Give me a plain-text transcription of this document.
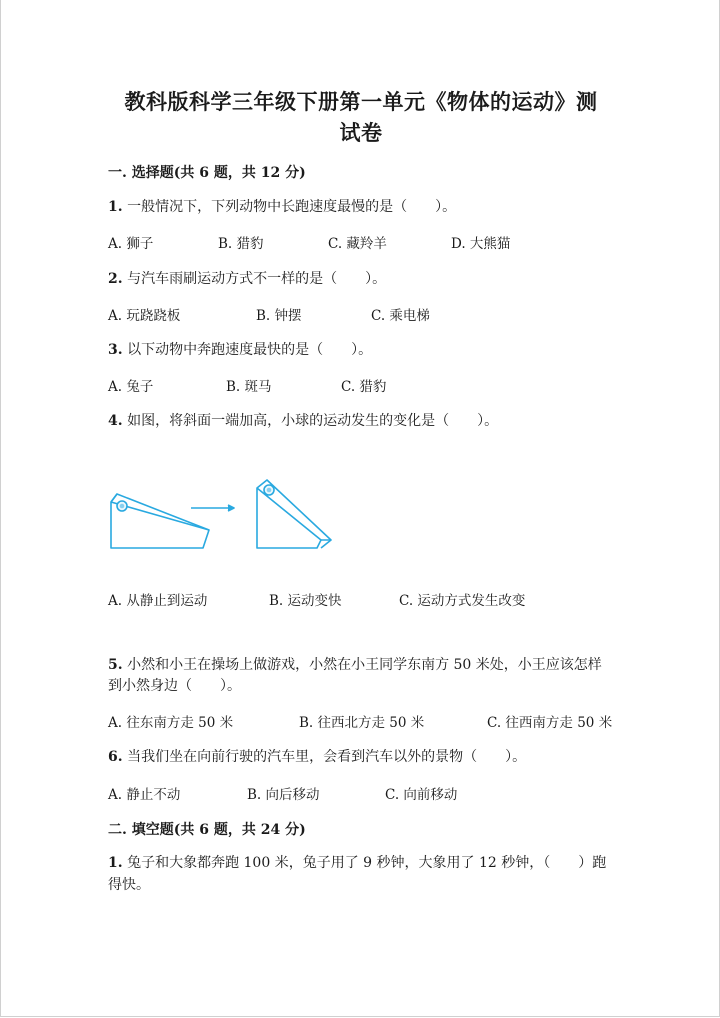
教科版科学三年级下册第一单元《物体的运动》测
试卷
一. 选择题(共 6 题，共 12 分)
1. 一般情况下，下列动物中长跑速度最慢的是（　　）。
A. 狮子	B. 猎豹	C. 藏羚羊	D. 大熊猫
2. 与汽车雨刷运动方式不一样的是（　　）。
A. 玩跷跷板	B. 钟摆	C. 乘电梯
3. 以下动物中奔跑速度最快的是（　　）。
A. 兔子	B. 斑马	C. 猎豹
4. 如图，将斜面一端加高，小球的运动发生的变化是（　　）。
A. 从静止到运动	B. 运动变快	C. 运动方式发生改变
5. 小然和小王在操场上做游戏，小然在小王同学东南方 50 米处，小王应该怎样
到小然身边（　　）。
A. 往东南方走 50 米	B. 往西北方走 50 米	C. 往西南方走 50 米
6. 当我们坐在向前行驶的汽车里，会看到汽车以外的景物（　　）。
A. 静止不动	B. 向后移动	C. 向前移动
二. 填空题(共 6 题，共 24 分)
1. 兔子和大象都奔跑 100 米，兔子用了 9 秒钟，大象用了 12 秒钟，（　　）跑
得快。
